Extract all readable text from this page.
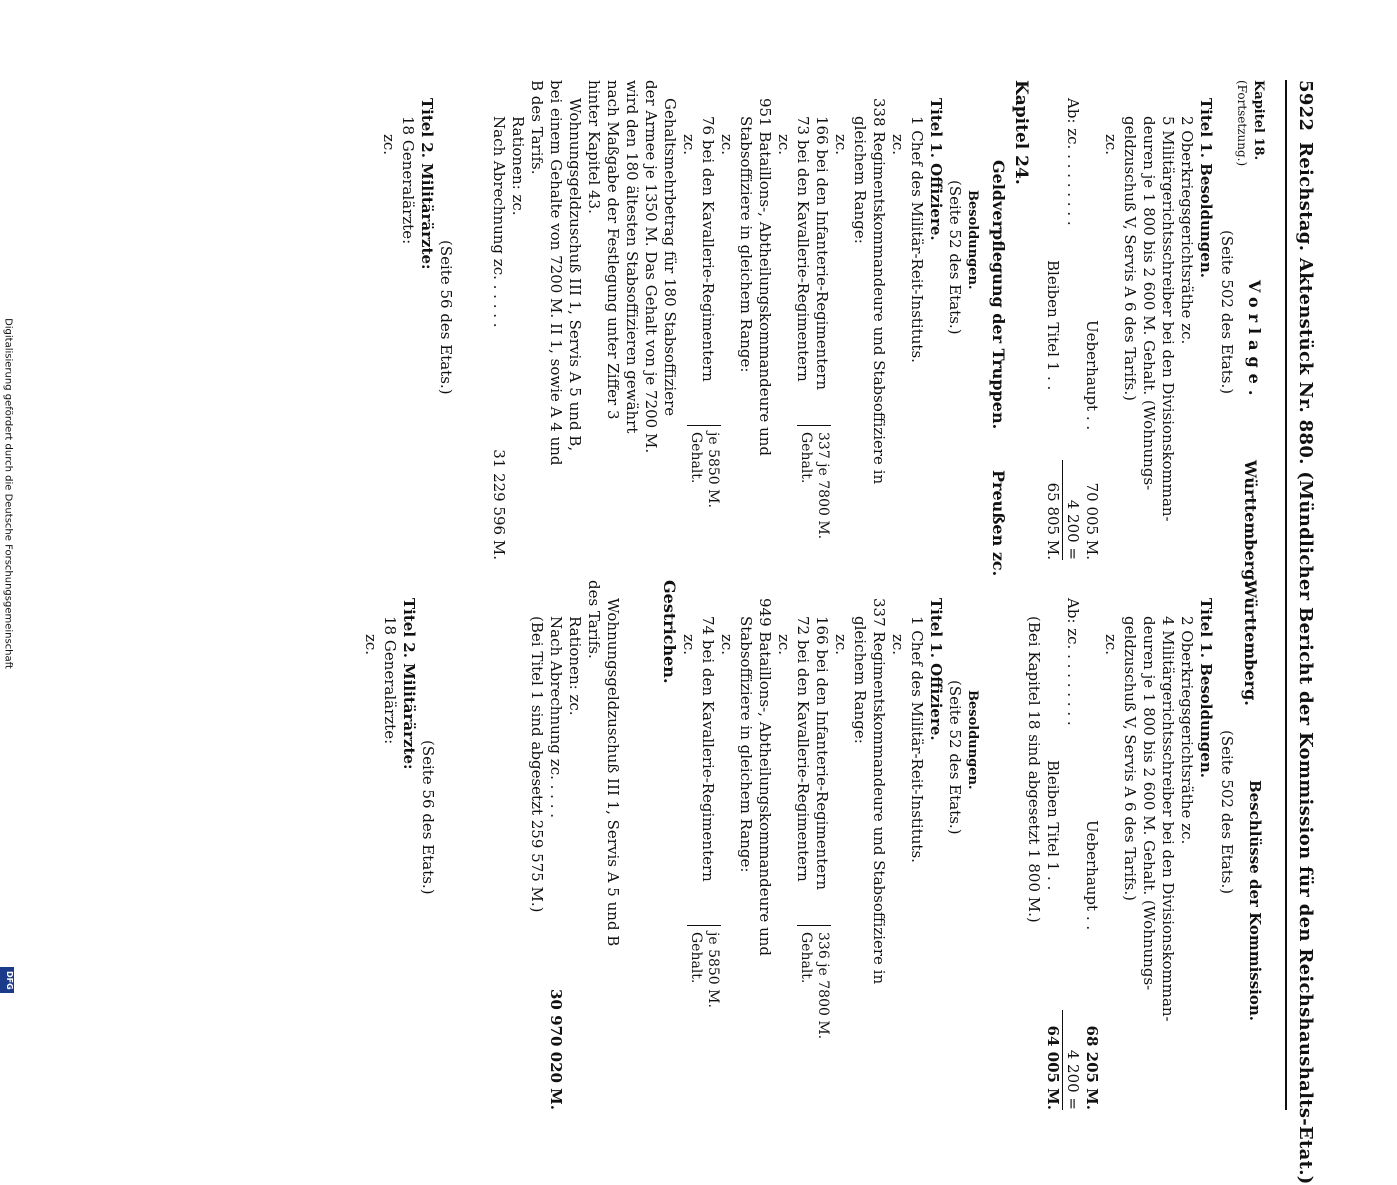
Digitalisierung gefördert durch die Deutsche Forschungsgemeinschaft
DFG
5922
Reichstag. Aktenstück Nr. 880. (Mündlicher Bericht der Kommission für den Reichshaushalts-Etat.)
Kapitel 18.
(Fortsetzung.)
Vorlage.
Württemberg.
(Seite 502 des Etats.)
Titel 1. Besoldungen.
2 Oberkriegsgerichtsräthe zc.
5 Militärgerichtsschreiber bei den Divisionskomman-
deuren je 1 800 bis 2 600 M. Gehalt. (Wohnungs-
geldzuschuß V, Servis A 6 des Tarifs.)
zc.
Ueberhaupt . .
70 005 M.
Ab: zc. . . . . . . . .
4 200 =
Bleiben Titel 1 . .
65 805 M.
Kapitel 24.
Geldverpflegung der Truppen.
Preußen zc.
Besoldungen.
(Seite 52 des Etats.)
Titel 1. Offiziere.
1 Chef des Militär-Reit-Instituts.
zc.
338 Regimentskommandeure und Stabsoffiziere in
gleichem Range:
zc.
166 bei den Infanterie-Regimentern
73 bei den Kavallerie-Regimentern
337 je 7800 M. Gehalt.
zc.
951 Bataillons-, Abtheilungskommandeure und
Stabsoffiziere in gleichem Range:
zc.
76 bei den Kavallerie-Regimentern
je 5850 M. Gehalt.
zc.
Gehaltsmehrbetrag für 180 Stabsoffiziere
der Armee je 1350 M. Das Gehalt von je 7200 M.
wird den 180 ältesten Stabsoffizieren gewährt
nach Maßgabe der Festlegung unter Ziffer 3
hinter Kapitel 43.
Wohnungsgeldzuschuß III 1, Servis A 5 und B,
bei einem Gehalte von 7200 M. II 1, sowie A 4 und
B des Tarifs.
Rationen: zc.
Nach Abrechnung zc. . . . . .
31 229 596 M.
(Seite 56 des Etats.)
Titel 2. Militärärzte:
18 Generalärzte:
zc.
Beschlüsse der Kommission.
Württemberg.
(Seite 502 des Etats.)
Titel 1. Besoldungen.
2 Oberkriegsgerichtsräthe zc.
4 Militärgerichtsschreiber bei den Divisionskomman-
deuren je 1 800 bis 2 600 M. Gehalt. (Wohnungs-
geldzuschuß V, Servis A 6 des Tarifs.)
zc.
Ueberhaupt . .
68 205 M.
Ab: zc. . . . . . . . .
4 200 =
Bleiben Titel 1 . .
64 005 M.
(Bei Kapitel 18 sind abgesetzt 1 800 M.)
Besoldungen.
(Seite 52 des Etats.)
Titel 1. Offiziere.
1 Chef des Militär-Reit-Instituts.
zc.
337 Regimentskommandeure und Stabsoffiziere in
gleichem Range:
zc.
166 bei den Infanterie-Regimentern
72 bei den Kavallerie-Regimentern
336 je 7800 M. Gehalt.
zc.
949 Bataillons-, Abtheilungskommandeure und
Stabsoffiziere in gleichem Range:
zc.
74 bei den Kavallerie-Regimentern
je 5850 M. Gehalt.
zc.
Gestrichen.
Wohnungsgeldzuschuß III 1, Servis A 5 und B
des Tarifs.
Rationen: zc.
Nach Abrechnung zc. . . . .
30 970 020 M.
(Bei Titel 1 sind abgesetzt 259 575 M.)
(Seite 56 des Etats.)
Titel 2. Militärärzte:
18 Generalärzte:
zc.
